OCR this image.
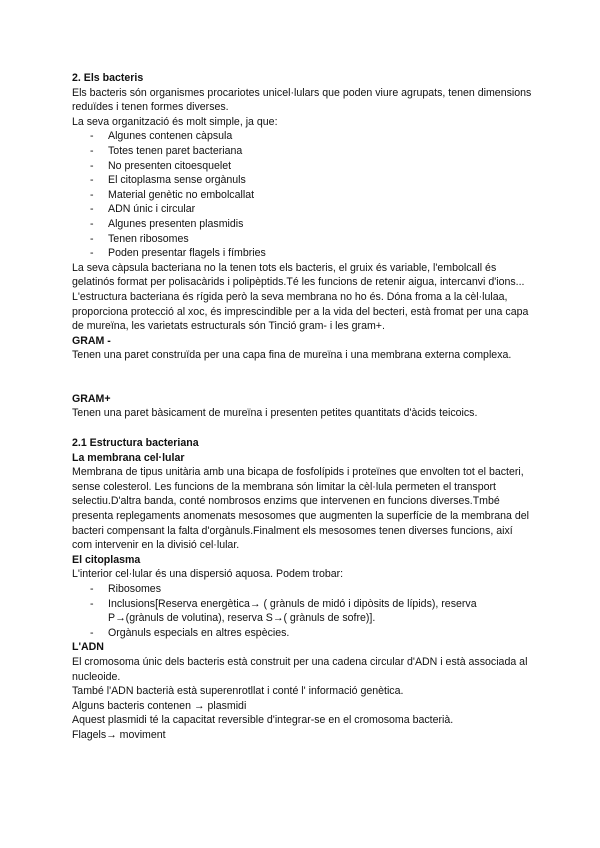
2. Els bacteris

Els bacteris són organismes procariotes unicel·lulars que poden viure agrupats, tenen dimensions reduïdes i tenen formes diverses.

La seva organització és molt simple, ja que:

- Algunes contenen càpsula
- Totes tenen paret bacteriana
- No presenten citoesquelet
- El citoplasma sense orgànuls
- Material genètic no embolcallat
- ADN únic i circular
- Algunes presenten plasmidis
- Tenen ribosomes
- Poden presentar flagels i fímbries

La seva càpsula bacteriana no la tenen tots els bacteris, el gruix és variable, l'embolcall és gelatinós format per polisacàrids i polipèptids.Té les funcions de retenir aigua, intercanvi d'ions...

L'estructura bacteriana és rígida però la seva membrana no ho és. Dóna froma a la cèl·lulaa, proporciona protecció al xoc, és imprescindible per a la vida del becteri, està fromat per una capa de mureïna, les varietats estructurals són Tinció gram- i les gram+.

GRAM -

Tenen una paret construïda per una capa fina de mureïna i una membrana externa complexa.

GRAM+

Tenen una paret bàsicament de mureïna i presenten petites quantitats d'àcids teicoics.

2.1 Estructura bacteriana

La membrana cel·lular

Membrana de tipus unitària amb una bicapa de fosfolípids i proteïnes que envolten tot el bacteri, sense colesterol. Les funcions de la membrana són limitar la cèl·lula permeten el transport selectiu.D'altra banda, conté nombrosos enzims que intervenen en funcions diverses.Tmbé presenta replegaments anomenats mesosomes que augmenten la superfície de la membrana del bacteri compensant la falta d'orgànuls.Finalment els mesosomes tenen diverses funcions, així com intervenir en la divisió cel·lular.

El citoplasma

L'interior cel·lular és una dispersió aquosa. Podem trobar:

- Ribosomes
- Inclusions[Reserva energètica→ ( grànuls de midó i dipòsits de lípids), reserva P→(grànuls de volutina), reserva S→( grànuls de sofre)].
- Orgànuls especials en altres espècies.

L'ADN

El cromosoma únic dels bacteris està construit per una cadena circular d'ADN i està associada al nucleoide.

També l'ADN bacterià està superenrotllat i conté l' informació genètica.

Alguns bacteris contenen → plasmidi

Aquest plasmidi té la capacitat reversible d'integrar-se en el cromosoma bacterià.

Flagels→ moviment
